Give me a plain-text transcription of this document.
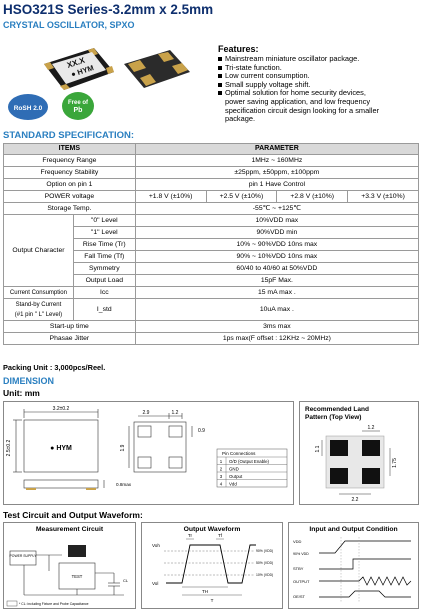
HSO321S Series-3.2mm x 2.5mm
CRYSTAL OSCILLATOR, SPXO
XX.X
● HYM
RoSH 2.0
Free of
Pb
Features:
Mainstream miniature oscillator package.
Tri-state function.
Low current consumption.
Small supply voltage shift.
Optimal solution for home security devices,
power saving application, and low frequency
specification circuit design looking for a smaller
package.
STANDARD SPECIFICATION:
ITEMS		PARAMETER			
Frequency Range		1MHz ~ 160MHz			
Frequency Stability		±25ppm, ±50ppm, ±100ppm			
Option on pin 1		pin 1 Have Control			
POWER voltage		+1.8 V (±10%)	+2.5 V (±10%)	+2.8 V (±10%)	+3.3 V (±10%)
Storage Temp.		-55℃ ~ +125℃			
Output Character	"0" Level	10%VDD max			
	"1" Level	90%VDD min			
	Rise Time (Tr)	10% ~ 90%VDD 10ns max			
	Fall Time (Tf)	90% ~ 10%VDD 10ns max			
	Symmetry	60/40 to 40/60 at 50%VDD			
	Output Load	15pF Max.			
Current Consumption	Icc	15 mA max .			
Stand-by Current
(#1 pin " L" Level)	I_std	10uA max .			
Start-up time		3ms max			
Phasae Jitter		1ps max(F offset : 12KHz ~ 20MHz)			
Packing Unit : 3,000pcs/Reel.
DIMENSION
Unit: mm
3.2±0.2
2.5±0.2	● HYM
0.8max
2.9	1.2
1.9
0.9
Pin Connections
1 O/D (Output Enable)
2 GND
3 Output
4 Vdd
Recommended Land
Pattern (Top View)
1.2
1.1
1.75
2.2
Test Circuit and Output Waveform:
Measurement Circuit
POWER SUPPLY
TEST
CL
* CL: including Fixture and Probe Capacitance
Output Waveform
Voh
Vol
Tr	Tf
TH
T
90% (VDD)
50% (VDD)
10% (VDD)
Input and Output Condition
VDD
90% VDD
STBY
OUTPUT
OE/ST
